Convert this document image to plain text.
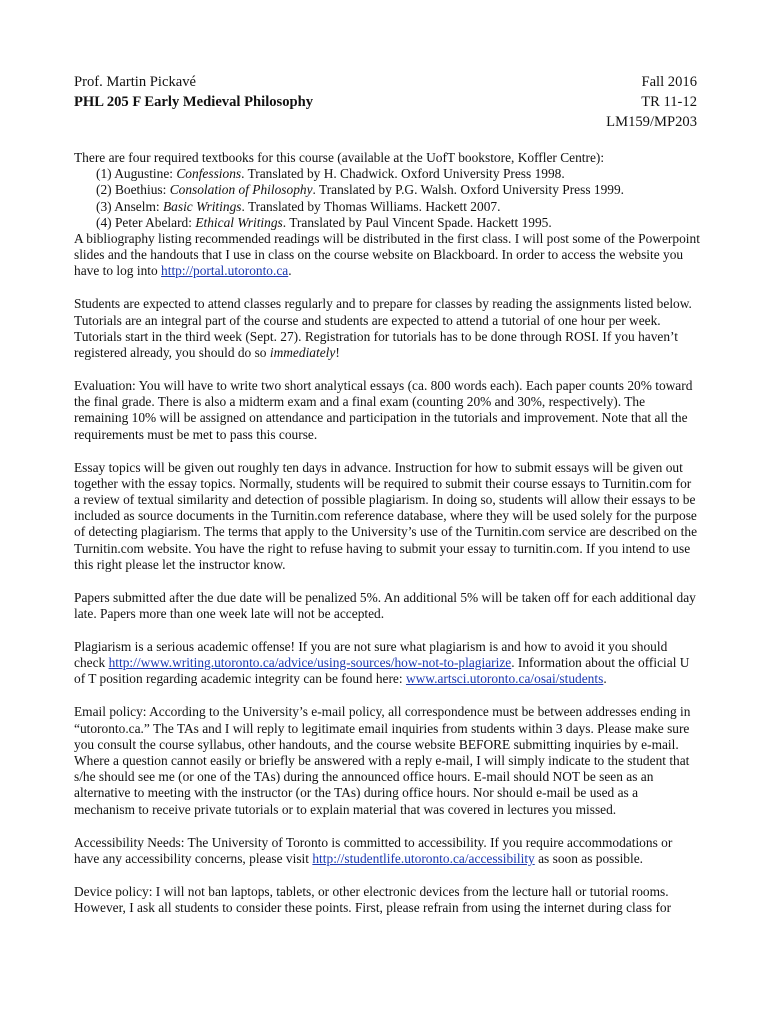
Prof. Martin Pickavé	Fall 2016
PHL 205 F Early Medieval Philosophy	TR 11-12
LM159/MP203
There are four required textbooks for this course (available at the UofT bookstore, Koffler Centre):
(1) Augustine: Confessions. Translated by H. Chadwick. Oxford University Press 1998.
(2) Boethius: Consolation of Philosophy. Translated by P.G. Walsh. Oxford University Press 1999.
(3) Anselm: Basic Writings. Translated by Thomas Williams. Hackett 2007.
(4) Peter Abelard: Ethical Writings. Translated by Paul Vincent Spade. Hackett 1995.
A bibliography listing recommended readings will be distributed in the first class. I will post some of the Powerpoint slides and the handouts that I use in class on the course website on Blackboard. In order to access the website you have to log into http://portal.utoronto.ca.

Students are expected to attend classes regularly and to prepare for classes by reading the assignments listed below. Tutorials are an integral part of the course and students are expected to attend a tutorial of one hour per week. Tutorials start in the third week (Sept. 27). Registration for tutorials has to be done through ROSI. If you haven’t registered already, you should do so immediately!

Evaluation: You will have to write two short analytical essays (ca. 800 words each). Each paper counts 20% toward the final grade. There is also a midterm exam and a final exam (counting 20% and 30%, respectively). The remaining 10% will be assigned on attendance and participation in the tutorials and improvement. Note that all the requirements must be met to pass this course.

Essay topics will be given out roughly ten days in advance. Instruction for how to submit essays will be given out together with the essay topics. Normally, students will be required to submit their course essays to Turnitin.com for a review of textual similarity and detection of possible plagiarism. In doing so, students will allow their essays to be included as source documents in the Turnitin.com reference database, where they will be used solely for the purpose of detecting plagiarism. The terms that apply to the University’s use of the Turnitin.com service are described on the Turnitin.com website. You have the right to refuse having to submit your essay to turnitin.com. If you intend to use this right please let the instructor know.

Papers submitted after the due date will be penalized 5%. An additional 5% will be taken off for each additional day late. Papers more than one week late will not be accepted.

Plagiarism is a serious academic offense! If you are not sure what plagiarism is and how to avoid it you should check http://www.writing.utoronto.ca/advice/using-sources/how-not-to-plagiarize. Information about the official U of T position regarding academic integrity can be found here: www.artsci.utoronto.ca/osai/students.

Email policy: According to the University’s e-mail policy, all correspondence must be between addresses ending in “utoronto.ca.” The TAs and I will reply to legitimate email inquiries from students within 3 days. Please make sure you consult the course syllabus, other handouts, and the course website BEFORE submitting inquiries by e-mail. Where a question cannot easily or briefly be answered with a reply e-mail, I will simply indicate to the student that s/he should see me (or one of the TAs) during the announced office hours. E-mail should NOT be seen as an alternative to meeting with the instructor (or the TAs) during office hours. Nor should e-mail be used as a mechanism to receive private tutorials or to explain material that was covered in lectures you missed.

Accessibility Needs: The University of Toronto is committed to accessibility. If you require accommodations or have any accessibility concerns, please visit http://studentlife.utoronto.ca/accessibility as soon as possible.

Device policy: I will not ban laptops, tablets, or other electronic devices from the lecture hall or tutorial rooms. However, I ask all students to consider these points. First, please refrain from using the internet during class for
